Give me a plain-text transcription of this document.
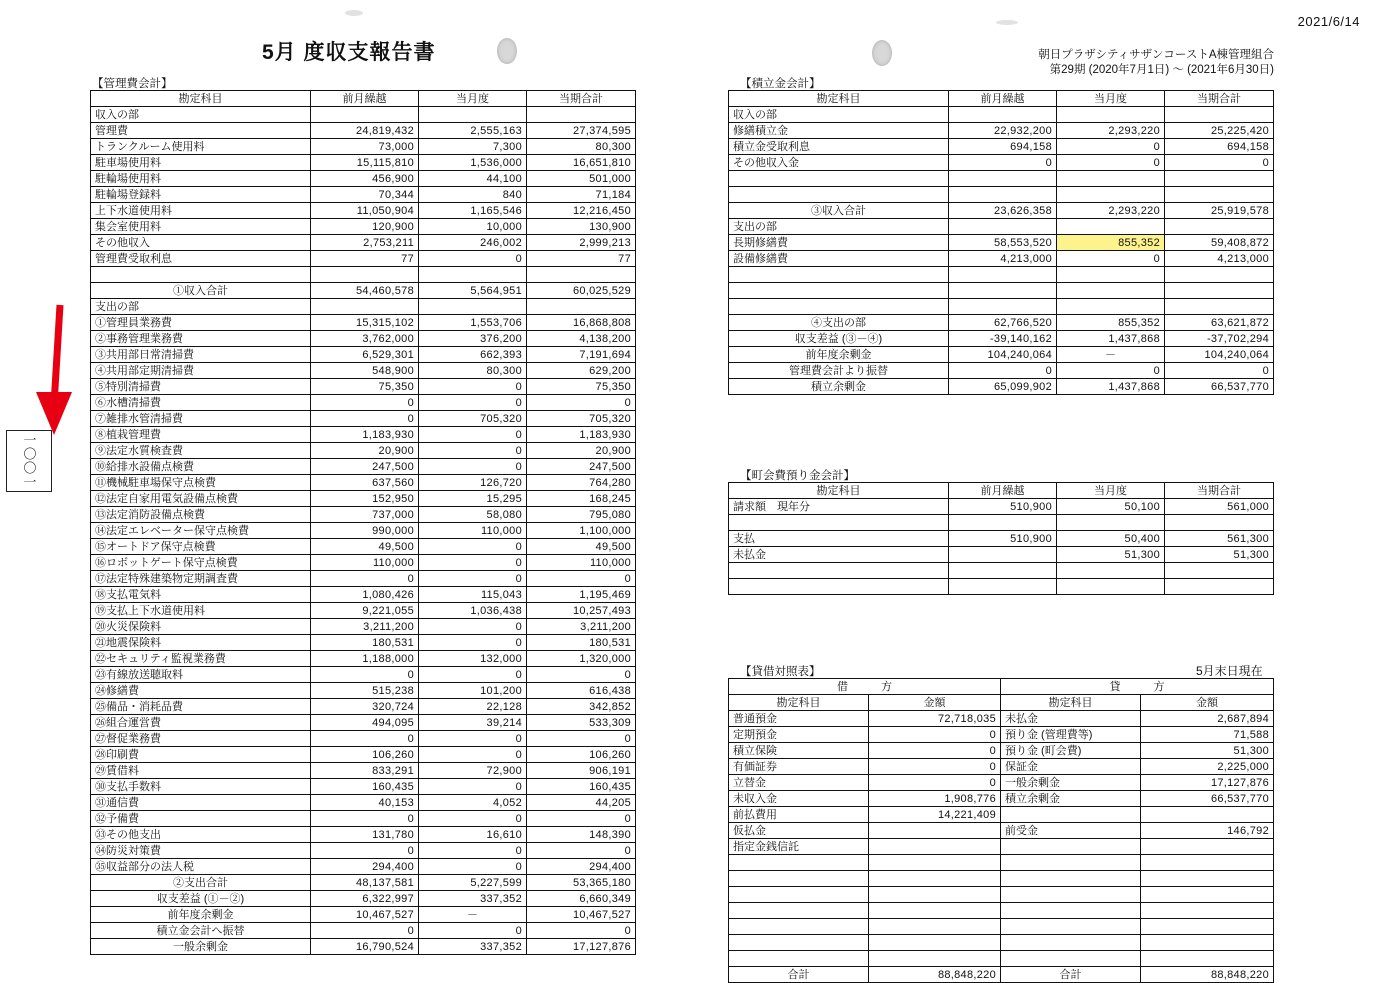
2021/6/14
5月 度収支報告書	朝日プラザシティサザンコーストA棟管理組合
第29期 (2020年7月1日) ～ (2021年6月30日)
一〇〇一
【管理費会計】
勘定科目	前月繰越	当月度	当期合計
収入の部			
管理費	24,819,432	2,555,163	27,374,595
トランクルーム使用料	73,000	7,300	80,300
駐車場使用料	15,115,810	1,536,000	16,651,810
駐輪場使用料	456,900	44,100	501,000
駐輪場登録料	70,344	840	71,184
上下水道使用料	11,050,904	1,165,546	12,216,450
集会室使用料	120,900	10,000	130,900
その他収入	2,753,211	246,002	2,999,213
管理費受取利息	77	0	77

①収入合計	54,460,578	5,564,951	60,025,529
支出の部			
①管理員業務費	15,315,102	1,553,706	16,868,808
②事務管理業務費	3,762,000	376,200	4,138,200
③共用部日常清掃費	6,529,301	662,393	7,191,694
④共用部定期清掃費	548,900	80,300	629,200
⑤特別清掃費	75,350	0	75,350
⑥水槽清掃費	0	0	0
⑦雑排水管清掃費	0	705,320	705,320
⑧植栽管理費	1,183,930	0	1,183,930
⑨法定水質検査費	20,900	0	20,900
⑩給排水設備点検費	247,500	0	247,500
⑪機械駐車場保守点検費	637,560	126,720	764,280
⑫法定自家用電気設備点検費	152,950	15,295	168,245
⑬法定消防設備点検費	737,000	58,080	795,080
⑭法定エレベーター保守点検費	990,000	110,000	1,100,000
⑮オートドア保守点検費	49,500	0	49,500
⑯ロボットゲート保守点検費	110,000	0	110,000
⑰法定特殊建築物定期調査費	0	0	0
⑱支払電気料	1,080,426	115,043	1,195,469
⑲支払上下水道使用料	9,221,055	1,036,438	10,257,493
⑳火災保険料	3,211,200	0	3,211,200
㉑地震保険料	180,531	0	180,531
㉒セキュリティ監視業務費	1,188,000	132,000	1,320,000
㉓有線放送聴取料	0	0	0
㉔修繕費	515,238	101,200	616,438
㉕備品・消耗品費	320,724	22,128	342,852
㉖組合運営費	494,095	39,214	533,309
㉗督促業務費	0	0	0
㉘印刷費	106,260	0	106,260
㉙賃借料	833,291	72,900	906,191
㉚支払手数料	160,435	0	160,435
㉛通信費	40,153	4,052	44,205
㉜予備費	0	0	0
㉝その他支出	131,780	16,610	148,390
㉞防災対策費	0	0	0
㉟収益部分の法人税	294,400	0	294,400
②支出合計	48,137,581	5,227,599	53,365,180
収支差益 (①－②)	6,322,997	337,352	6,660,349
前年度余剰金	10,467,527	－	10,467,527
積立金会計へ振替	0	0	0
一般余剰金	16,790,524	337,352	17,127,876
【積立金会計】
勘定科目	前月繰越	当月度	当期合計
収入の部			
修繕積立金	22,932,200	2,293,220	25,225,420
積立金受取利息	694,158	0	694,158
その他収入金	0	0	0

③収入合計	23,626,358	2,293,220	25,919,578
支出の部			
長期修繕費	58,553,520	855,352	59,408,872
設備修繕費	4,213,000	0	4,213,000

④支出の部	62,766,520	855,352	63,621,872
収支差益 (③－④)	-39,140,162	1,437,868	-37,702,294
前年度余剰金	104,240,064	－	104,240,064
管理費会計より振替	0	0	0
積立余剰金	65,099,902	1,437,868	66,537,770
【町会費預り金会計】
勘定科目	前月繰越	当月度	当期合計
請求額　現年分	510,900	50,100	561,000

支払	510,900	50,400	561,300
未払金		51,300	51,300

【貸借対照表】	5月末日現在
借　　　方		貸　　　方	
勘定科目	金額	勘定科目	金額
普通預金	72,718,035	未払金	2,687,894
定期預金	0	預り金 (管理費等)	71,588
積立保険	0	預り金 (町会費)	51,300
有価証券	0	保証金	2,225,000
立替金	0	一般余剰金	17,127,876
未収入金	1,908,776	積立余剰金	66,537,770
前払費用	14,221,409		
仮払金		前受金	146,792
指定金銭信託			

合計	88,848,220	合計	88,848,220
